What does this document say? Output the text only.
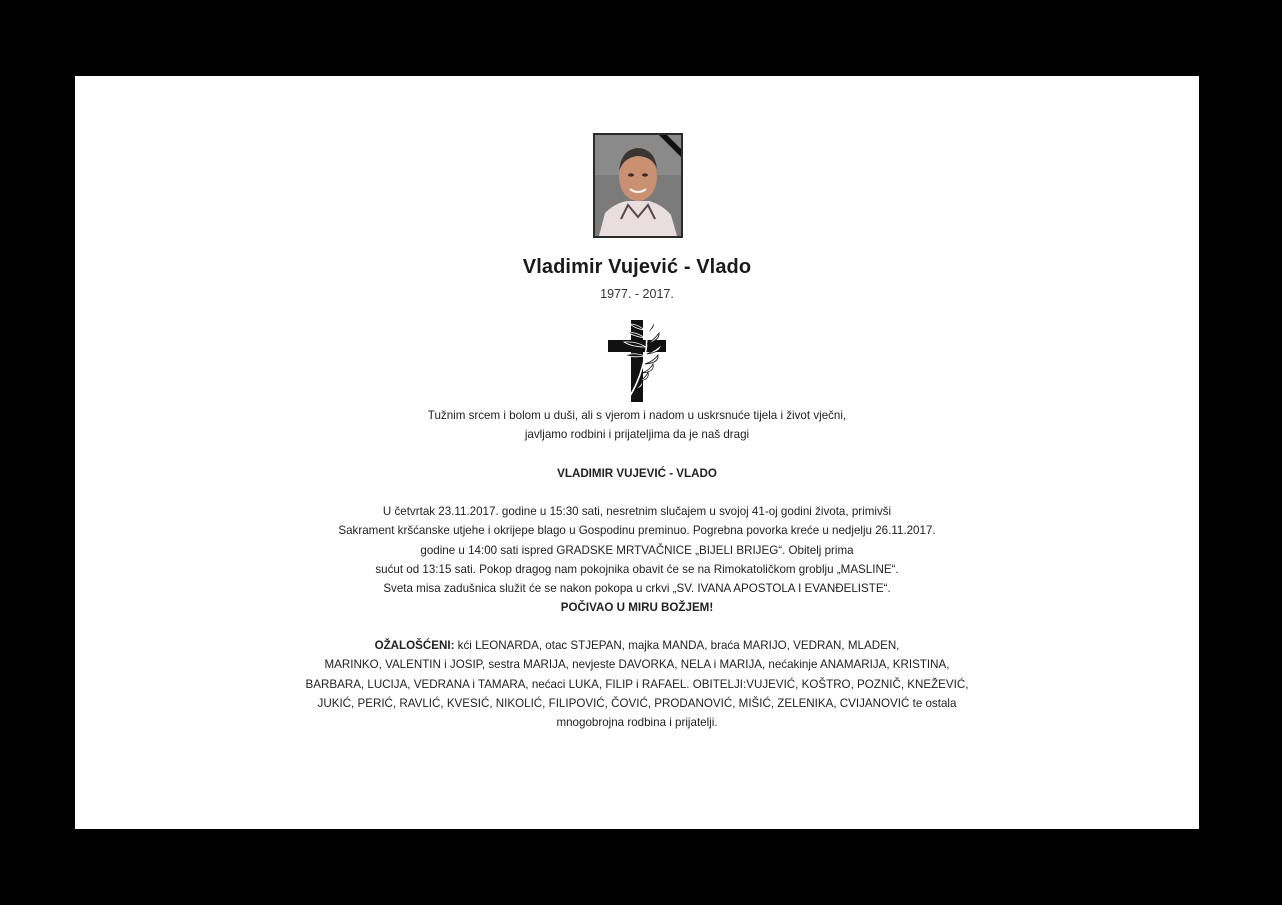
Vladimir Vujević - Vlado
1977. - 2017.
Tužnim srcem i bolom u duši, ali s vjerom i nadom u uskrsnuće tijela i život vječni,
javljamo rodbini i prijateljima da je naš dragi
VLADIMIR VUJEVIĆ - VLADO
U četvrtak 23.11.2017. godine u 15:30 sati, nesretnim slučajem u svojoj 41-oj godini života, primivši
Sakrament kršćanske utjehe i okrijepe blago u Gospodinu preminuo. Pogrebna povorka kreće u nedjelju 26.11.2017.
godine u 14:00 sati ispred GRADSKE MRTVAČNICE „BIJELI BRIJEG“. Obitelj prima
sućut od 13:15 sati. Pokop dragog nam pokojnika obavit će se na Rimokatoličkom groblju „MASLINE“.
Sveta misa zadušnica služit će se nakon pokopa u crkvi „SV. IVANA APOSTOLA I EVANĐELISTE“.
POČIVAO U MIRU BOŽJEM!
OŽALOŠĆENI: kći LEONARDA, otac STJEPAN, majka MANDA, braća MARIJO, VEDRAN, MLADEN,
MARINKO, VALENTIN i JOSIP, sestra MARIJA, nevjeste DAVORKA, NELA i MARIJA, nećakinje ANAMARIJA, KRISTINA,
BARBARA, LUCIJA, VEDRANA i TAMARA, nećaci LUKA, FILIP i RAFAEL. OBITELJI:VUJEVIĆ, KOŠTRO, POZNIČ, KNEŽEVIĆ,
JUKIĆ, PERIĆ, RAVLIĆ, KVESIĆ, NIKOLIĆ, FILIPOVIĆ, ČOVIĆ, PRODANOVIĆ, MIŠIĆ, ZELENIKA, CVIJANOVIĆ te ostala
mnogobrojna rodbina i prijatelji.
